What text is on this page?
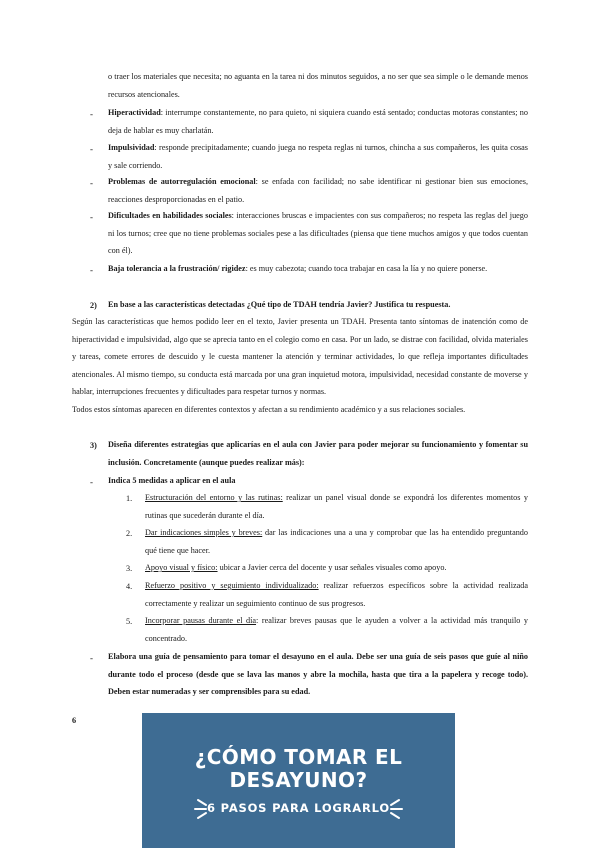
o traer los materiales que necesita; no aguanta en la tarea ni dos minutos seguidos, a no ser que sea simple o le demande menos recursos atencionales.

- Hiperactividad: interrumpe constantemente, no para quieto, ni siquiera cuando está sentado; conductas motoras constantes; no deja de hablar es muy charlatán.

- Impulsividad: responde precipitadamente; cuando juega no respeta reglas ni turnos, chincha a sus compañeros, les quita cosas y sale corriendo.

- Problemas de autorregulación emocional: se enfada con facilidad; no sabe identificar ni gestionar bien sus emociones, reacciones desproporcionadas en el patio.

- Dificultades en habilidades sociales: interacciones bruscas e impacientes con sus compañeros; no respeta las reglas del juego ni los turnos; cree que no tiene problemas sociales pese a las dificultades (piensa que tiene muchos amigos y que todos cuentan con él).

- Baja tolerancia a la frustración/ rigidez: es muy cabezota; cuando toca trabajar en casa la lía y no quiere ponerse.

2) En base a las características detectadas ¿Qué tipo de TDAH tendría Javier? Justifica tu respuesta.

Según las características que hemos podido leer en el texto, Javier presenta un TDAH. Presenta tanto síntomas de inatención como de hiperactividad e impulsividad, algo que se aprecia tanto en el colegio como en casa. Por un lado, se distrae con facilidad, olvida materiales y tareas, comete errores de descuido y le cuesta mantener la atención y terminar actividades, lo que refleja importantes dificultades atencionales. Al mismo tiempo, su conducta está marcada por una gran inquietud motora, impulsividad, necesidad constante de moverse y hablar, interrupciones frecuentes y dificultades para respetar turnos y normas.

Todos estos síntomas aparecen en diferentes contextos y afectan a su rendimiento académico y a sus relaciones sociales.

3) Diseña diferentes estrategias que aplicarías en el aula con Javier para poder mejorar su funcionamiento y fomentar su inclusión. Concretamente (aunque puedes realizar más):

- Indica 5 medidas a aplicar en el aula

1. Estructuración del entorno y las rutinas: realizar un panel visual donde se expondrá los diferentes momentos y rutinas que sucederán durante el día.

2. Dar indicaciones simples y breves: dar las indicaciones una a una y comprobar que las ha entendido preguntando qué tiene que hacer.

3. Apoyo visual y físico: ubicar a Javier cerca del docente y usar señales visuales como apoyo.

4. Refuerzo positivo y seguimiento individualizado: realizar refuerzos específicos sobre la actividad realizada correctamente y realizar un seguimiento continuo de sus progresos.

5. Incorporar pausas durante el día: realizar breves pausas que le ayuden a volver a la actividad más tranquilo y concentrado.

- Elabora una guía de pensamiento para tomar el desayuno en el aula. Debe ser una guía de seis pasos que guíe al niño durante todo el proceso (desde que se lava las manos y abre la mochila, hasta que tira a la papelera y recoge todo). Deben estar numeradas y ser comprensibles para su edad.

6
¿CÓMO TOMAR EL
DESAYUNO?
6 PASOS PARA LOGRARLO
